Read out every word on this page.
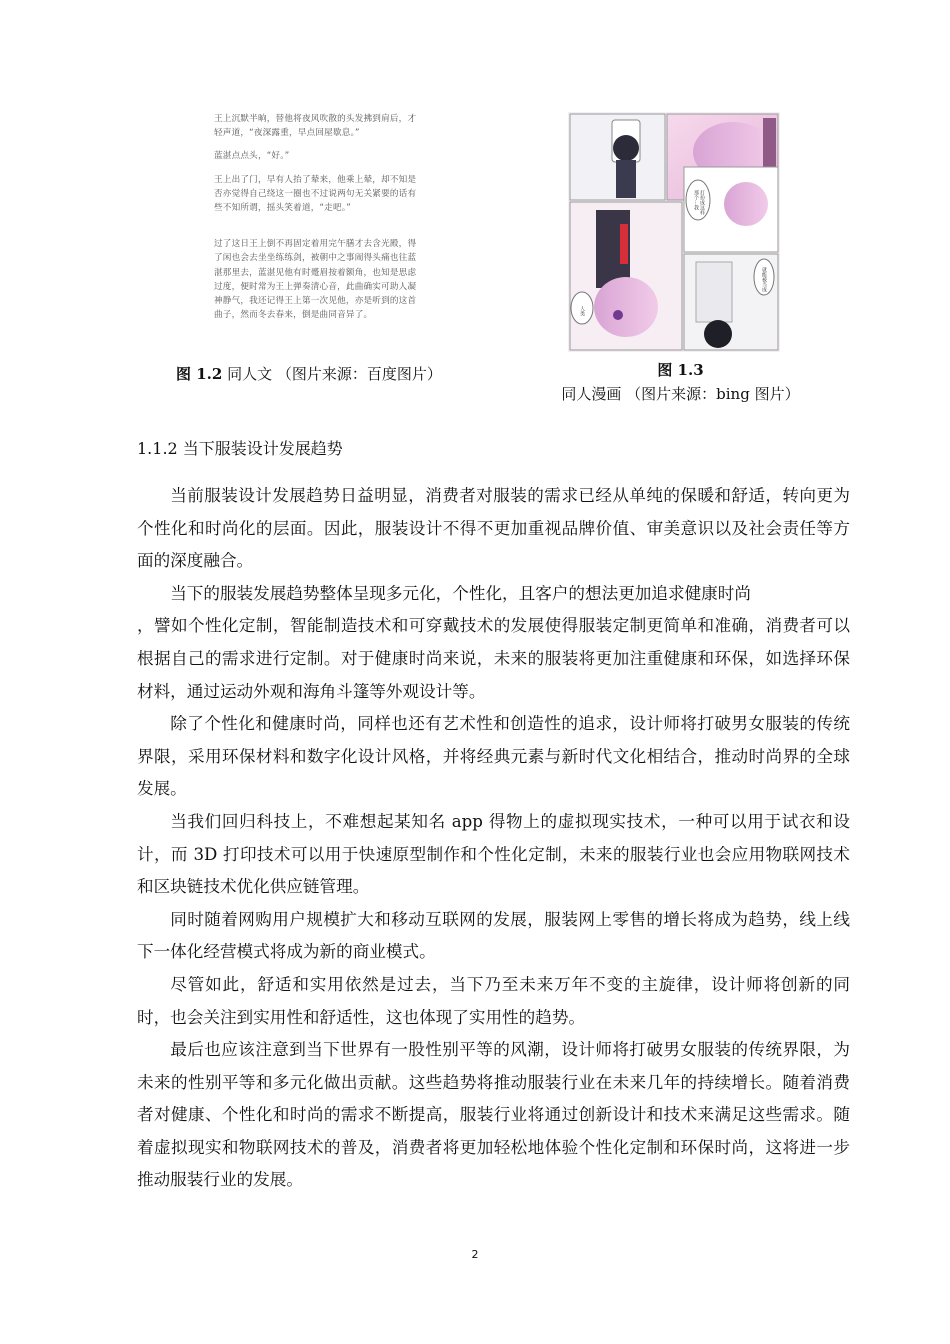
王上沉默半晌，替他将夜风吹散的头发拂到肩后，才轻声道，“夜深露重，早点回屋歇息。”

蓝湛点点头，“好。”

王上出了门，早有人抬了辇来，他乘上辇，却不知是否亦觉得自己绕这一圈也不过说两句无关紧要的话有些不知所谓，摇头笑着道，“走吧。”

过了这日王上倒不再固定着用完午膳才去含光殿，得了闲也会去坐坐练练剑，被朝中之事闹得头痛也往蓝湛那里去，蓝湛见他有时蹙眉按着额角，也知是思虑过度，便时常为王上弹奏清心音，此曲确实可助人凝神静气，我还记得王上第一次见他，亦是听到的这首曲子，然而冬去春来，倒是曲同音异了。	人类
那个…我 打扮成这样
就能被当成
图 1.2 同人文 （图片来源：百度图片）	图 1.3 同人漫画 （图片来源：bing 图片）
1.1.2 当下服装设计发展趋势

当前服装设计发展趋势日益明显，消费者对服装的需求已经从单纯的保暖和舒适，转向更为个性化和时尚化的层面。因此，服装设计不得不更加重视品牌价值、审美意识以及社会责任等方面的深度融合。

当下的服装发展趋势整体呈现多元化，个性化，且客户的想法更加追求健康时尚

，譬如个性化定制，智能制造技术和可穿戴技术的发展使得服装定制更简单和准确，消费者可以根据自己的需求进行定制。对于健康时尚来说，未来的服装将更加注重健康和环保，如选择环保材料，通过运动外观和海角斗篷等外观设计等。

除了个性化和健康时尚，同样也还有艺术性和创造性的追求，设计师将打破男女服装的传统界限，采用环保材料和数字化设计风格，并将经典元素与新时代文化相结合，推动时尚界的全球发展。

当我们回归科技上，不难想起某知名 app 得物上的虚拟现实技术，一种可以用于试衣和设计，而 3D 打印技术可以用于快速原型制作和个性化定制，未来的服装行业也会应用物联网技术和区块链技术优化供应链管理。

同时随着网购用户规模扩大和移动互联网的发展，服装网上零售的增长将成为趋势，线上线下一体化经营模式将成为新的商业模式。

尽管如此，舒适和实用依然是过去，当下乃至未来万年不变的主旋律，设计师将创新的同时，也会关注到实用性和舒适性，这也体现了实用性的趋势。

最后也应该注意到当下世界有一股性别平等的风潮，设计师将打破男女服装的传统界限，为未来的性别平等和多元化做出贡献。这些趋势将推动服装行业在未来几年的持续增长。随着消费者对健康、个性化和时尚的需求不断提高，服装行业将通过创新设计和技术来满足这些需求。随着虚拟现实和物联网技术的普及，消费者将更加轻松地体验个性化定制和环保时尚，这将进一步推动服装行业的发展。

2
